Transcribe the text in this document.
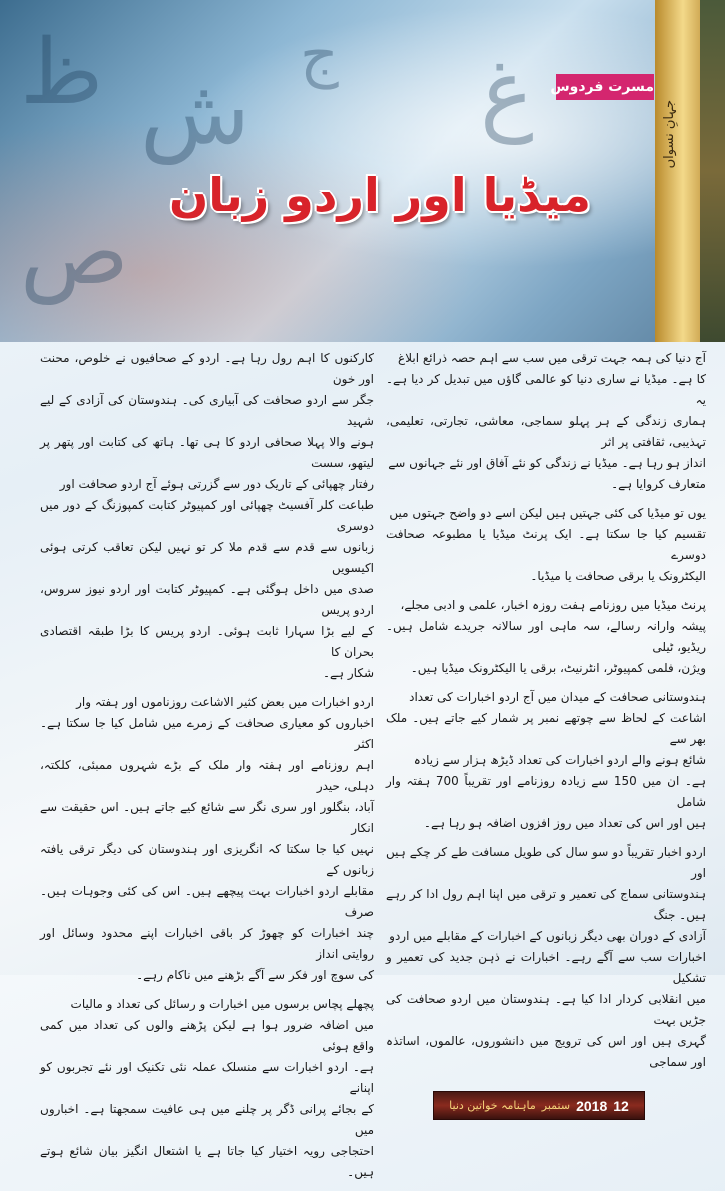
ظ ش
ص
غ
ج
جہانِ نسواں
مسرت فردوس
میڈیا اور اردو زبان
آج دنیا کی ہمہ جہت ترقی میں سب سے اہم حصہ ذرائع ابلاغ
کا ہے۔ میڈیا نے ساری دنیا کو عالمی گاؤں میں تبدیل کر دیا ہے۔ یہ
ہماری زندگی کے ہر پہلو سماجی، معاشی، تجارتی، تعلیمی، تہذیبی، ثقافتی پر اثر
انداز ہو رہا ہے۔ میڈیا نے زندگی کو نئے آفاق اور نئے جہانوں سے
متعارف کروایا ہے۔
یوں تو میڈیا کی کئی جہتیں ہیں لیکن اسے دو واضح جہتوں میں
تقسیم کیا جا سکتا ہے۔ ایک پرنٹ میڈیا یا مطبوعہ صحافت دوسرے
الیکٹرونک یا برقی صحافت یا میڈیا۔
پرنٹ میڈیا میں روزنامے ہفت روزہ اخبار، علمی و ادبی مجلے،
پیشہ وارانہ رسالے، سہ ماہی اور سالانہ جریدے شامل ہیں۔ ریڈیو، ٹیلی
ویژن، فلمی کمپیوٹر، انٹرنیٹ، برقی یا الیکٹرونک میڈیا ہیں۔
ہندوستانی صحافت کے میدان میں آج اردو اخبارات کی تعداد
اشاعت کے لحاظ سے چوتھے نمبر پر شمار کیے جاتے ہیں۔ ملک بھر سے
شائع ہونے والے اردو اخبارات کی تعداد ڈیڑھ ہزار سے زیادہ
ہے۔ ان میں 150 سے زیادہ روزنامے اور تقریباً 700 ہفتہ وار شامل
ہیں اور اس کی تعداد میں روز افزوں اضافہ ہو رہا ہے۔
اردو اخبار تقریباً دو سو سال کی طویل مسافت طے کر چکے ہیں اور
ہندوستانی سماج کی تعمیر و ترقی میں اپنا اہم رول ادا کر رہے ہیں۔ جنگ
آزادی کے دوران بھی دیگر زبانوں کے اخبارات کے مقابلے میں اردو
اخبارات سب سے آگے رہے۔ اخبارات نے ذہن جدید کی تعمیر و تشکیل
میں انقلابی کردار ادا کیا ہے۔ ہندوستان میں اردو صحافت کی جڑیں بہت
گہری ہیں اور اس کی ترویج میں دانشوروں، عالموں، اساتذہ اور سماجی
12
2018
ستمبر
ماہنامہ خواتین دنیا
کارکنوں کا اہم رول رہا ہے۔ اردو کے صحافیوں نے خلوص، محنت اور خون
جگر سے اردو صحافت کی آبیاری کی۔ ہندوستان کی آزادی کے لیے شہید
ہونے والا پہلا صحافی اردو کا ہی تھا۔ ہاتھ کی کتابت اور پتھر پر لیتھو، سست
رفتار چھپائی کے تاریک دور سے گزرتی ہوئے آج اردو صحافت اور
طباعت کلر آفسیٹ چھپائی اور کمپیوٹر کتابت کمپوزنگ کے دور میں دوسری
زبانوں سے قدم سے قدم ملا کر تو نہیں لیکن تعاقب کرتی ہوئی اکیسویں
صدی میں داخل ہوگئی ہے۔ کمپیوٹر کتابت اور اردو نیوز سروس، اردو پریس
کے لیے بڑا سہارا ثابت ہوئی۔ اردو پریس کا بڑا طبقہ اقتصادی بحران کا
شکار ہے۔
اردو اخبارات میں بعض کثیر الاشاعت روزناموں اور ہفتہ وار
اخباروں کو معیاری صحافت کے زمرے میں شامل کیا جا سکتا ہے۔ اکثر
اہم روزنامے اور ہفتہ وار ملک کے بڑے شہروں ممبئی، کلکتہ، دہلی، حیدر
آباد، بنگلور اور سری نگر سے شائع کیے جاتے ہیں۔ اس حقیقت سے انکار
نہیں کیا جا سکتا کہ انگریزی اور ہندوستان کی دیگر ترقی یافتہ زبانوں کے
مقابلے اردو اخبارات بہت پیچھے ہیں۔ اس کی کئی وجوہات ہیں۔ صرف
چند اخبارات کو چھوڑ کر باقی اخبارات اپنے محدود وسائل اور روایتی انداز
کی سوچ اور فکر سے آگے بڑھنے میں ناکام رہے۔
پچھلے پچاس برسوں میں اخبارات و رسائل کی تعداد و مالیات
میں اضافہ ضرور ہوا ہے لیکن پڑھنے والوں کی تعداد میں کمی واقع ہوئی
ہے۔ اردو اخبارات سے منسلک عملہ نئی تکنیک اور نئے تجربوں کو اپنانے
کے بجائے پرانی ڈگر پر چلنے میں ہی عافیت سمجھتا ہے۔ اخباروں میں
احتجاجی رویہ اختیار کیا جاتا ہے یا اشتعال انگیز بیان شائع ہوتے ہیں۔
